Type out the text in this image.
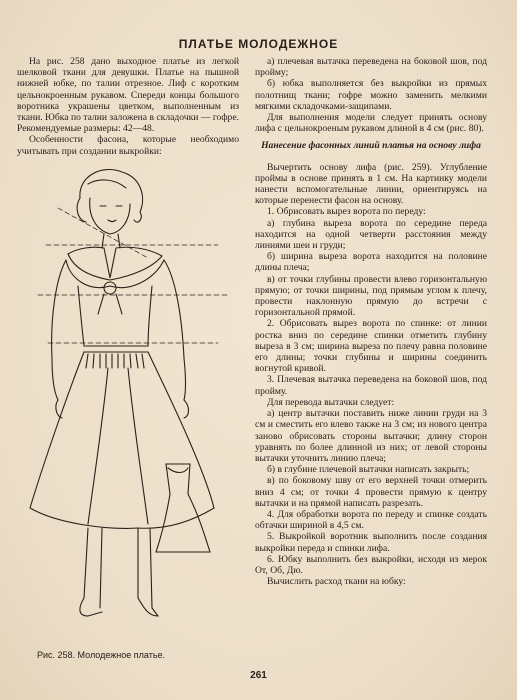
ПЛАТЬЕ МОЛОДЕЖНОЕ

На рис. 258 дано выходное платье из легкой шелковой ткани для девушки. Платье на пышной нижней юбке, по талии отрезное. Лиф с коротким цельнокроенным рукавом. Спереди концы большого воротника украшены цветком, выполненным из ткани. Юбка по талии заложена в складочки — гофре. Рекомендуемые размеры: 42—48.

Особенности фасона, которые необходимо учитывать при создании выкройки:

Рис. 258. Молодежное платье.

а) плечевая вытачка переведена на боковой шов, под пройму;

б) юбка выполняется без выкройки из прямых полотнищ ткани; гофре можно заменить мелкими мягкими складочками-защипами.

Для выполнения модели следует принять основу лифа с цельнокроеным рукавом длиной в 4 см (рис. 80).

Нанесение фасонных линий платья на основу лифа

Вычертить основу лифа (рис. 259). Углубление проймы в основе принять в 1 см. На картинку модели нанести вспомогательные линии, ориентируясь на которые перенести фасон на основу.

1. Обрисовать вырез ворота по переду:

а) глубина выреза ворота по середине переда находится на одной четверти расстояния между линиями шеи и груди;

б) ширина выреза ворота находится на половине длины плеча;

в) от точки глубины провести влево горизонтальную прямую; от точки ширины, под прямым углом к плечу, провести наклонную прямую до встречи с горизонтальной прямой.

2. Обрисовать вырез ворота по спинке: от линии ростка вниз по середине спинки отметить глубину выреза в 3 см; ширина выреза по плечу равна половине его длины; точки глубины и ширины соединить вогнутой кривой.

3. Плечевая вытачка переведена на боковой шов, под пройму.

Для перевода вытачки следует:

а) центр вытачки поставить ниже линии груди на 3 см и сместить его влево также на 3 см; из нового центра заново обрисовать стороны вытачки; длину сторон уравнять по более длинной из них; от левой стороны вытачки уточнить линию плеча;

б) в глубине плечевой вытачки написать закрыть;

в) по боковому шву от его верхней точки отмерить вниз 4 см; от точки 4 провести прямую к центру вытачки и на прямой написать разрезать.

4. Для обработки ворота по переду и спинке создать обтачки шириной в 4,5 см.

5. Выкройкой воротник выполнить после создания выкройки переда и спинки лифа.

6. Юбку выполнить без выкройки, исходя из мерок От, Об, Дю.

Вычислить расход ткани на юбку:

261
